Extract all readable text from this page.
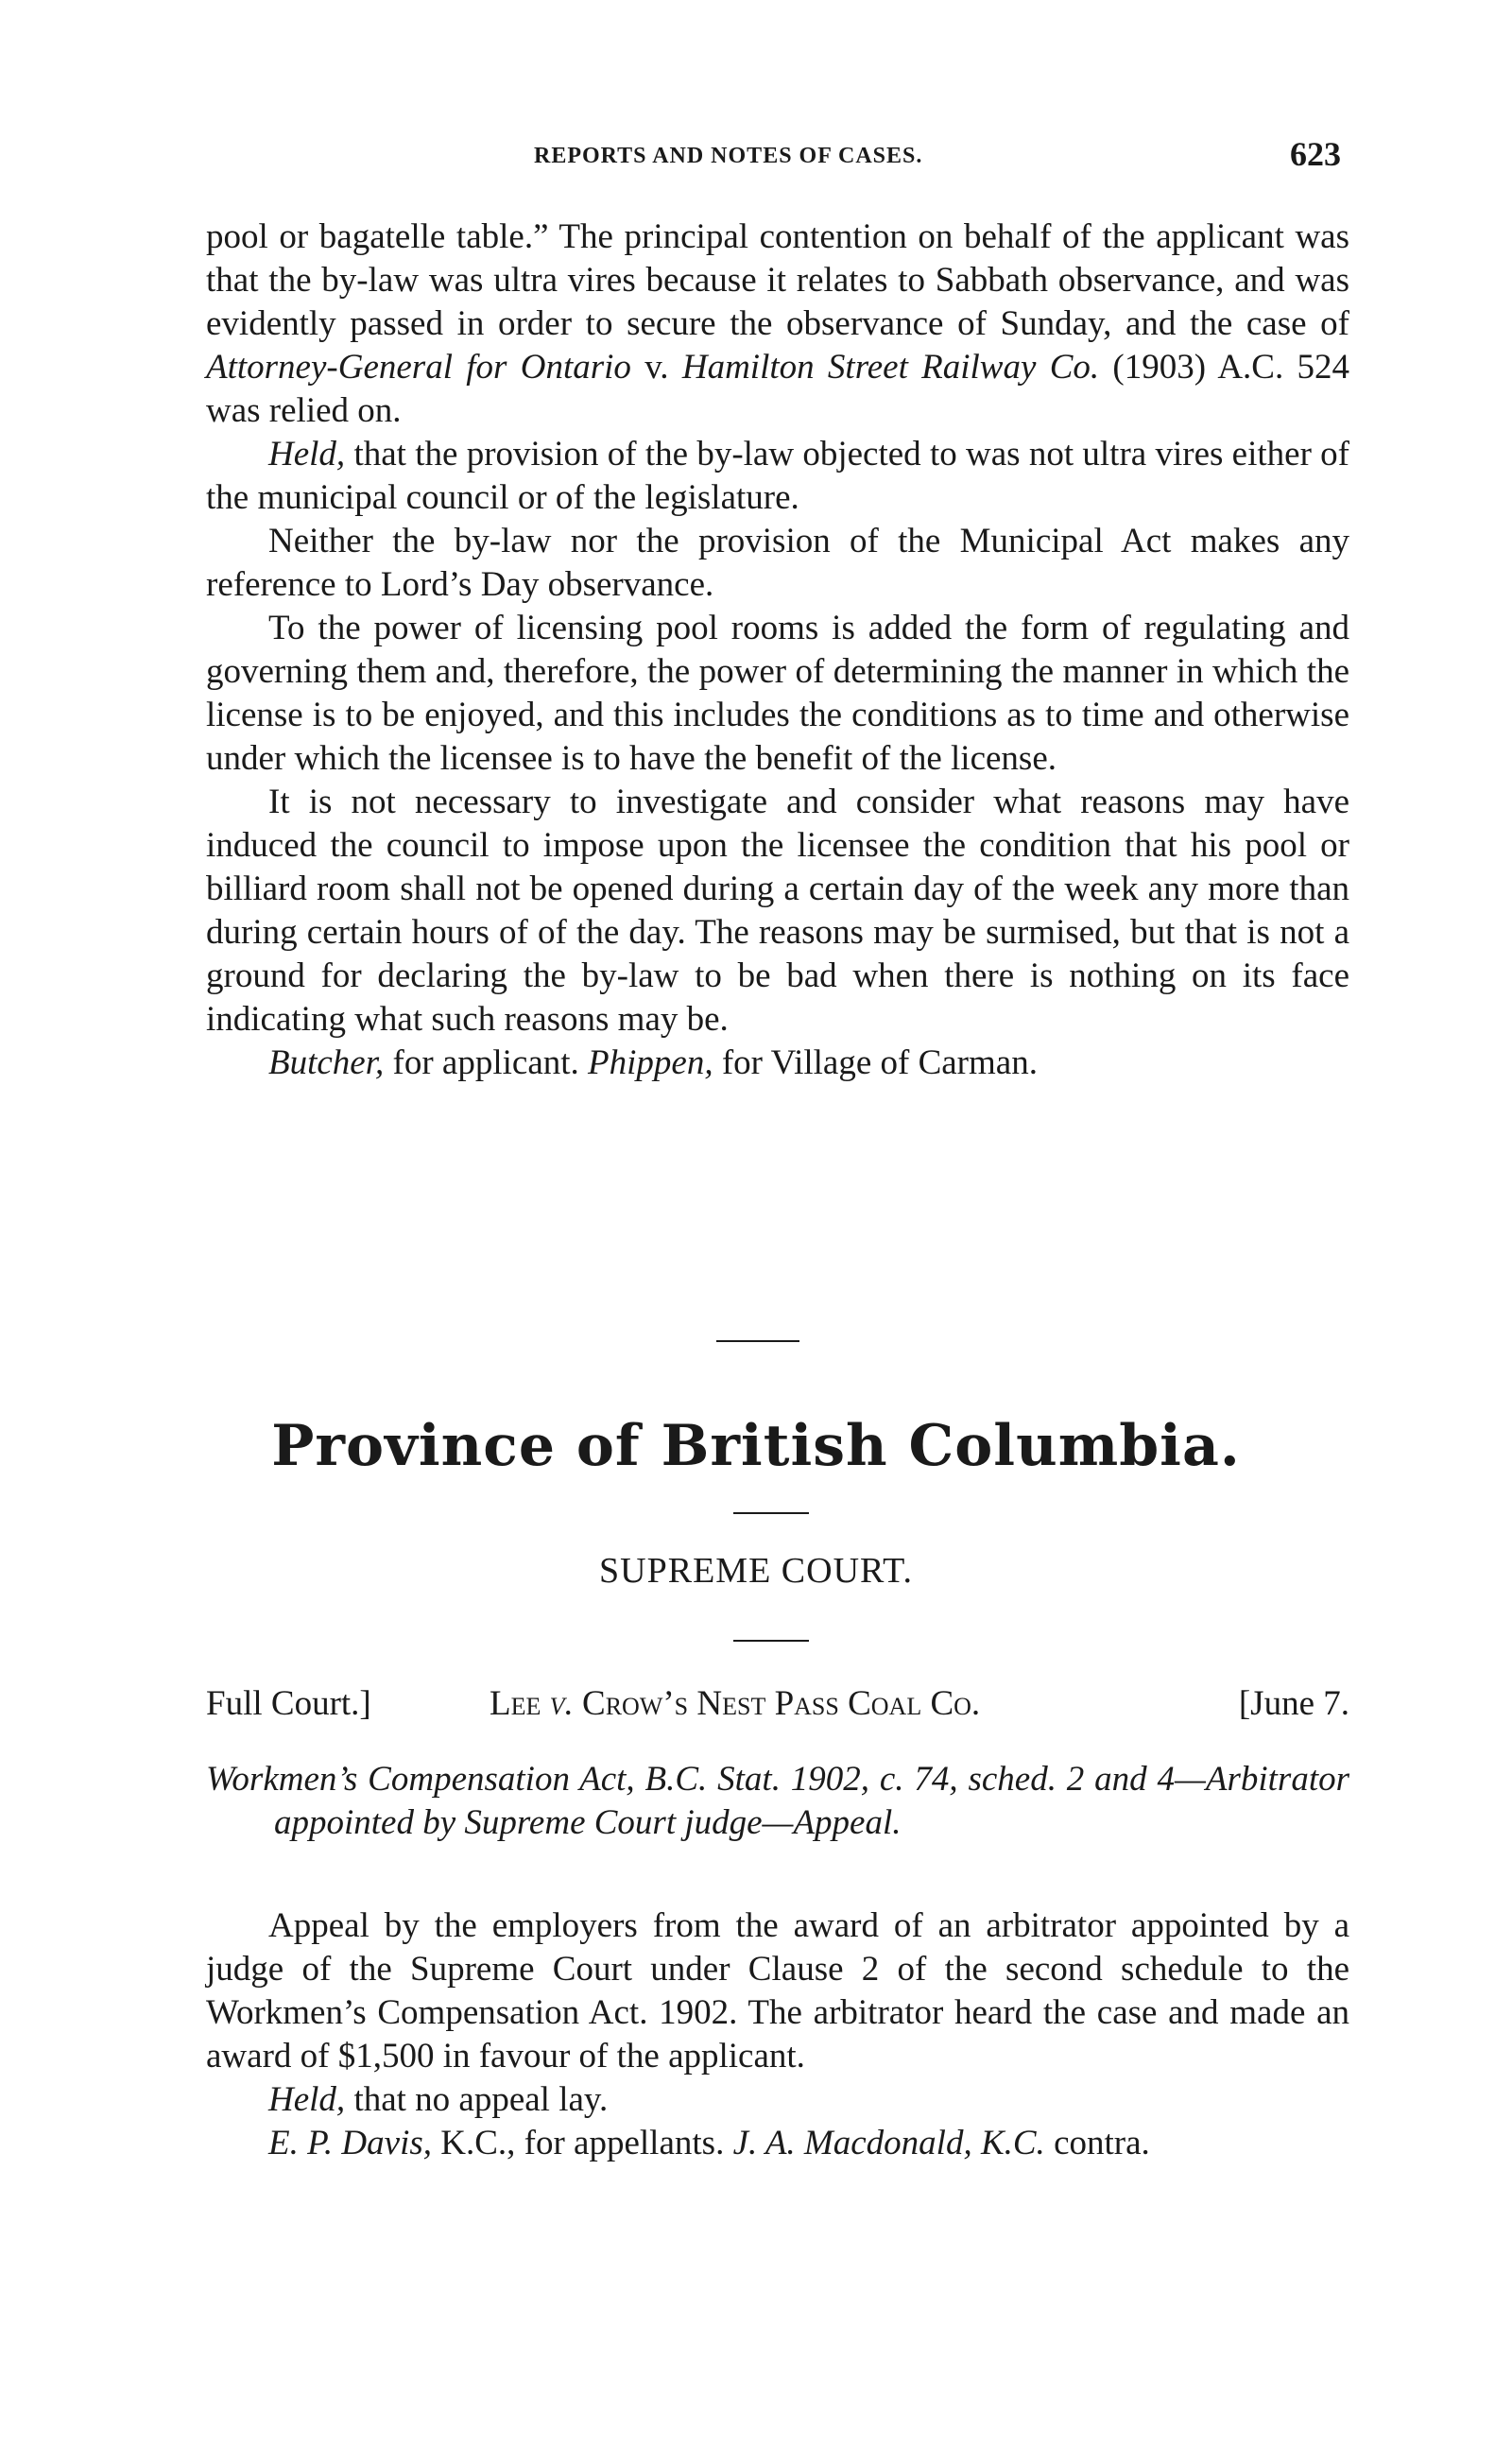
REPORTS AND NOTES OF CASES.	623

pool or bagatelle table.” The principal contention on behalf of the applicant was that the by-law was ultra vires because it relates to Sabbath observance, and was evidently passed in order to secure the observance of Sunday, and the case of Attorney-General for Ontario v. Hamilton Street Railway Co. (1903) A.C. 524 was relied on.

Held, that the provision of the by-law objected to was not ultra vires either of the municipal council or of the legislature.

Neither the by-law nor the provision of the Municipal Act makes any reference to Lord’s Day observance.

To the power of licensing pool rooms is added the form of regulating and governing them and, therefore, the power of determining the manner in which the license is to be enjoyed, and this includes the conditions as to time and otherwise under which the licensee is to have the benefit of the license.

It is not necessary to investigate and consider what reasons may have induced the council to impose upon the licensee the condition that his pool or billiard room shall not be opened during a certain day of the week any more than during certain hours of of the day. The reasons may be surmised, but that is not a ground for declaring the by-law to be bad when there is nothing on its face indicating what such reasons may be.

Butcher, for applicant. Phippen, for Village of Carman.

Province of British Columbia.
SUPREME COURT.
Full Court.]	Lee v. Crow’s Nest Pass Coal Co.	[June 7.
Workmen’s Compensation Act, B.C. Stat. 1902, c. 74, sched. 2 and 4—Arbitrator appointed by Supreme Court judge—Appeal.

Appeal by the employers from the award of an arbitrator appointed by a judge of the Supreme Court under Clause 2 of the second schedule to the Workmen’s Compensation Act. 1902. The arbitrator heard the case and made an award of $1,500 in favour of the applicant.

Held, that no appeal lay.

E. P. Davis, K.C., for appellants. J. A. Macdonald, K.C. contra.
